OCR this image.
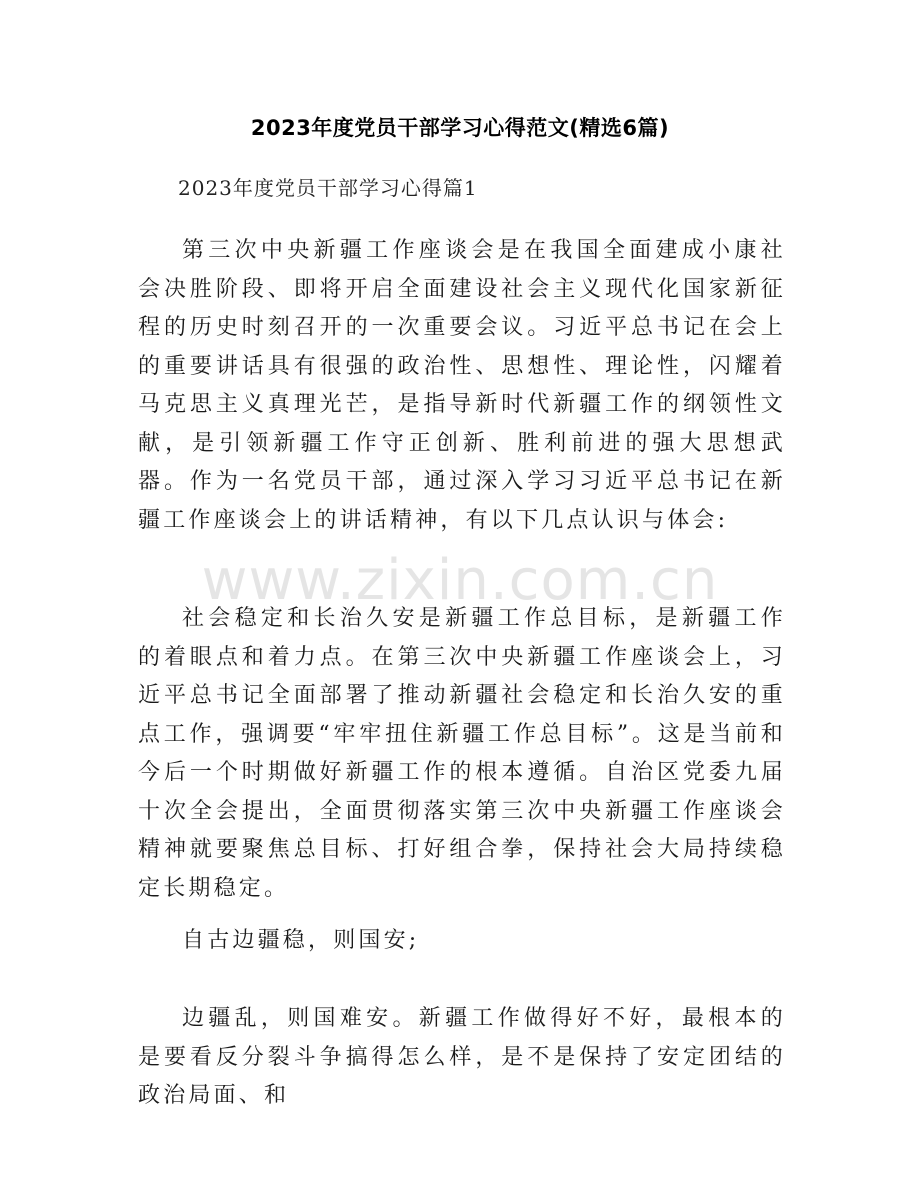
2023年度党员干部学习心得范文(精选6篇)
2023年度党员干部学习心得篇1

第三次中央新疆工作座谈会是在我国全面建成小康社会决胜阶段、即将开启全面建设社会主义现代化国家新征程的历史时刻召开的一次重要会议。习近平总书记在会上的重要讲话具有很强的政治性、思想性、理论性，闪耀着马克思主义真理光芒，是指导新时代新疆工作的纲领性文献，是引领新疆工作守正创新、胜利前进的强大思想武器。作为一名党员干部，通过深入学习习近平总书记在新疆工作座谈会上的讲话精神，有以下几点认识与体会:

社会稳定和长治久安是新疆工作总目标，是新疆工作的着眼点和着力点。在第三次中央新疆工作座谈会上，习近平总书记全面部署了推动新疆社会稳定和长治久安的重点工作，强调要“牢牢扭住新疆工作总目标”。这是当前和今后一个时期做好新疆工作的根本遵循。自治区党委九届十次全会提出，全面贯彻落实第三次中央新疆工作座谈会精神就要聚焦总目标、打好组合拳，保持社会大局持续稳定长期稳定。

自古边疆稳，则国安;

边疆乱，则国难安。新疆工作做得好不好，最根本的是要看反分裂斗争搞得怎么样，是不是保持了安定团结的政治局面、和

www.zixin.com.cn
